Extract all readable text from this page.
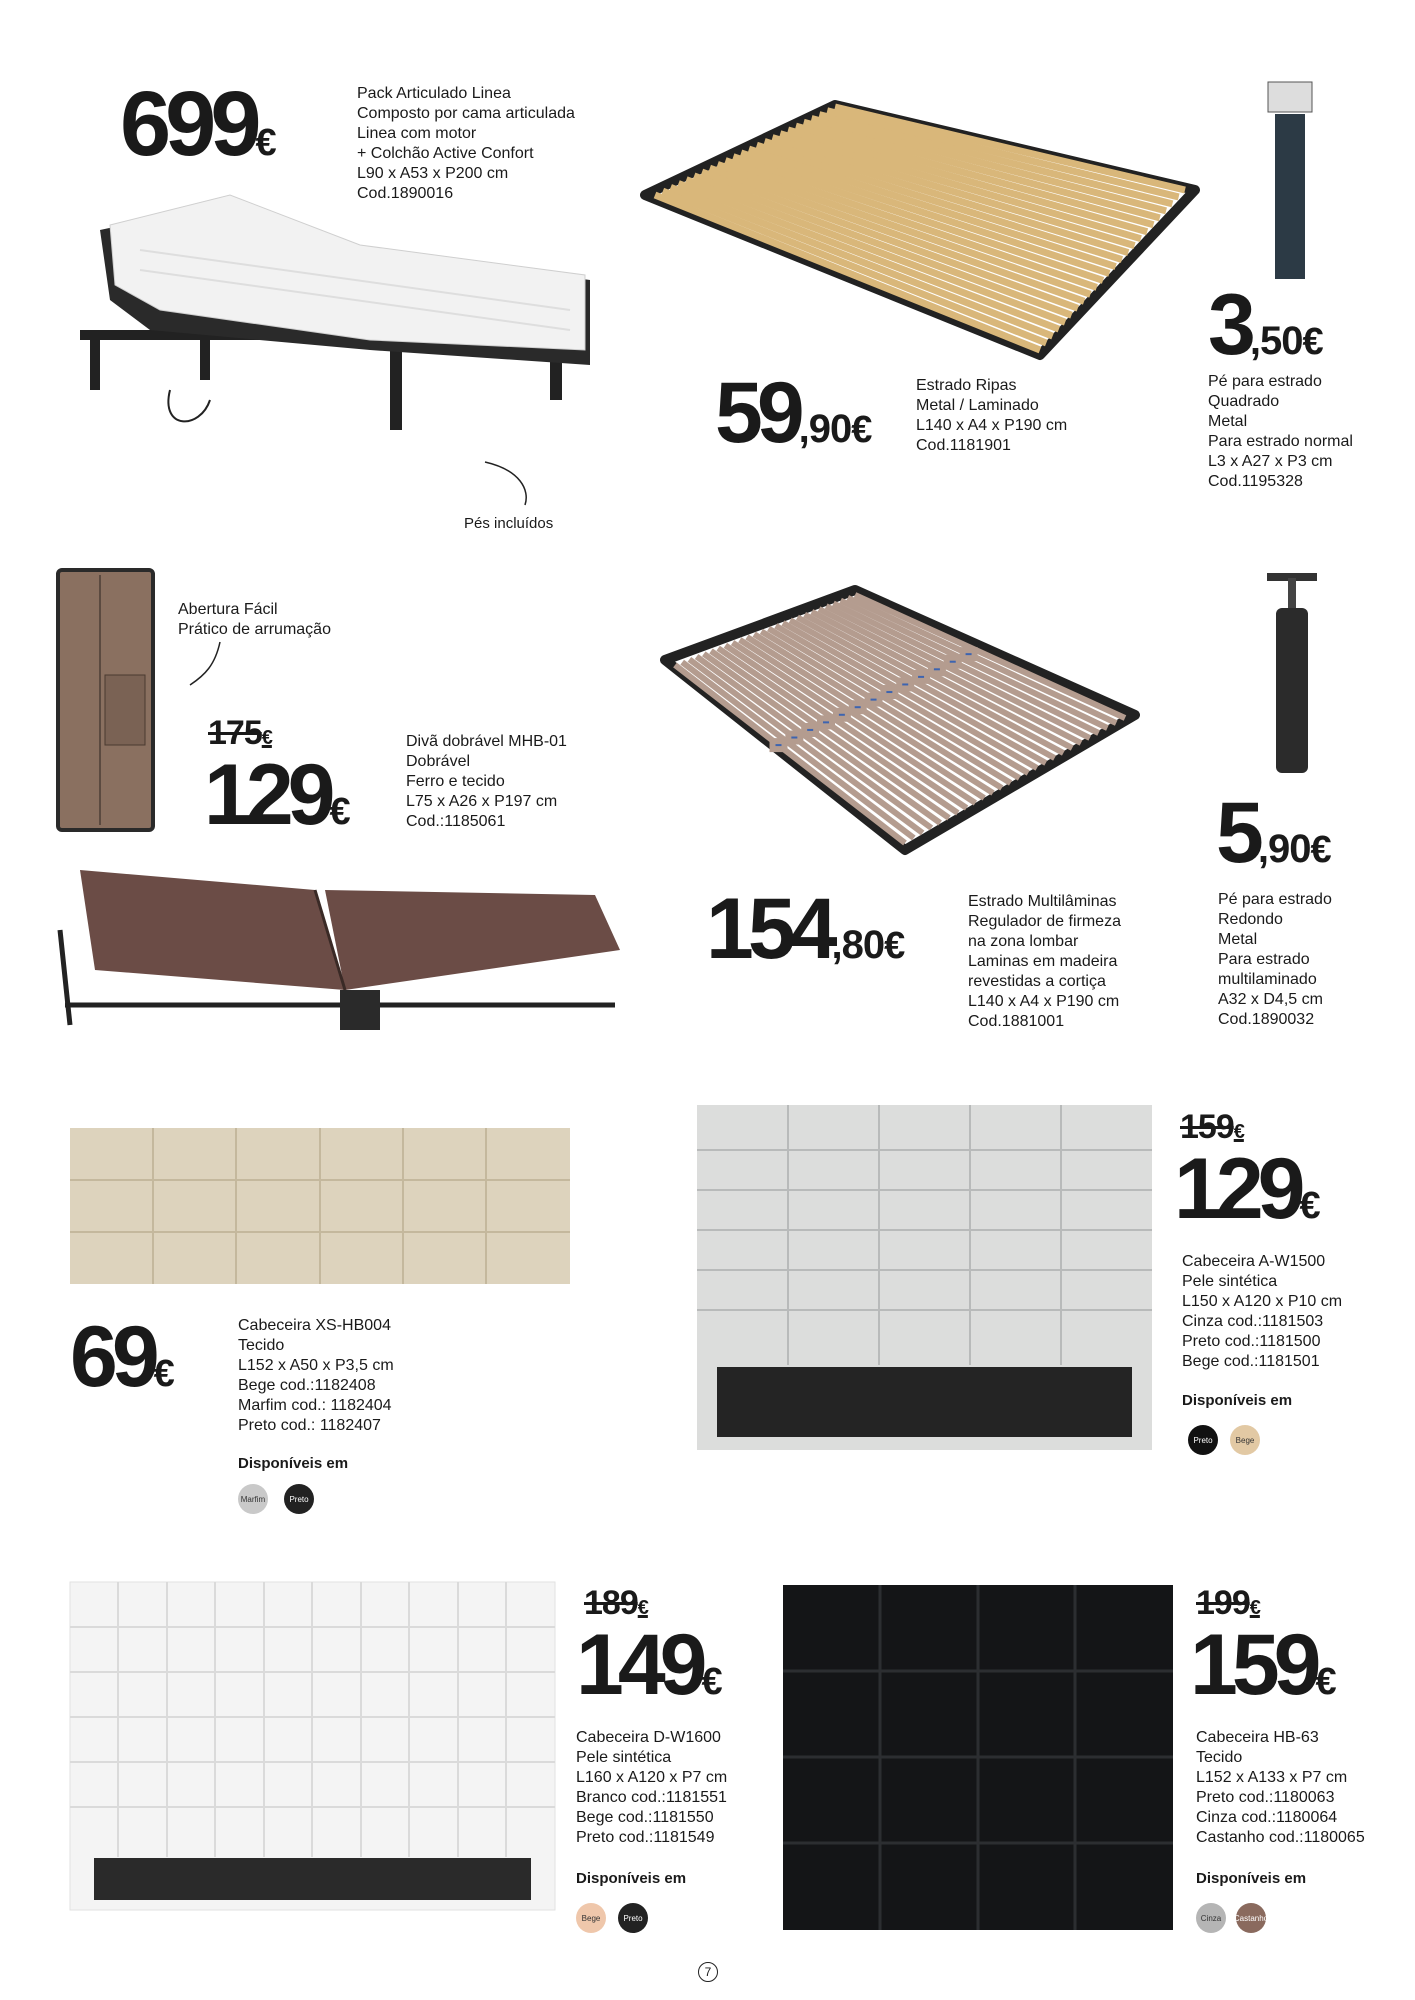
699€
Pack Articulado Linea
Composto por cama articulada
Linea com motor
+ Colchão Active Confort
L90 x A53 x P200 cm
Cod.1890016
Pés incluídos
59,90€
Estrado Ripas
Metal / Laminado
L140 x A4 x P190 cm
Cod.1181901
3,50€
Pé para estrado
Quadrado
Metal
Para estrado normal
L3 x A27 x P3 cm
Cod.1195328
Abertura Fácil
Prático de arrumação
175€
129€
Divã dobrável MHB-01
Dobrável
Ferro e tecido
L75 x A26 x P197 cm
Cod.:1185061
154,80€
Estrado Multilâminas
Regulador de firmeza
na zona lombar
Laminas em madeira
revestidas a cortiça
L140 x A4 x P190 cm
Cod.1881001
5,90€
Pé para estrado
Redondo
Metal
Para estrado
multilaminado
A32 x D4,5 cm
Cod.1890032
69€
Cabeceira XS-HB004
Tecido
L152 x A50 x P3,5 cm
Bege cod.:1182408
Marfim cod.: 1182404
Preto cod.: 1182407
Disponíveis em
Marfim	Preto
159€
129€
Cabeceira A-W1500
Pele sintética
L150 x A120 x P10 cm
Cinza cod.:1181503
Preto cod.:1181500
Bege cod.:1181501
Disponíveis em
Preto	Bege
189€
149€
Cabeceira D-W1600
Pele sintética
L160 x A120 x P7 cm
Branco cod.:1181551
Bege cod.:1181550
Preto cod.:1181549
Disponíveis em
Bege	Preto
199€
159€
Cabeceira HB-63
Tecido
L152 x A133 x P7 cm
Preto cod.:1180063
Cinza cod.:1180064
Castanho cod.:1180065
Disponíveis em
Cinza	Castanho
7
